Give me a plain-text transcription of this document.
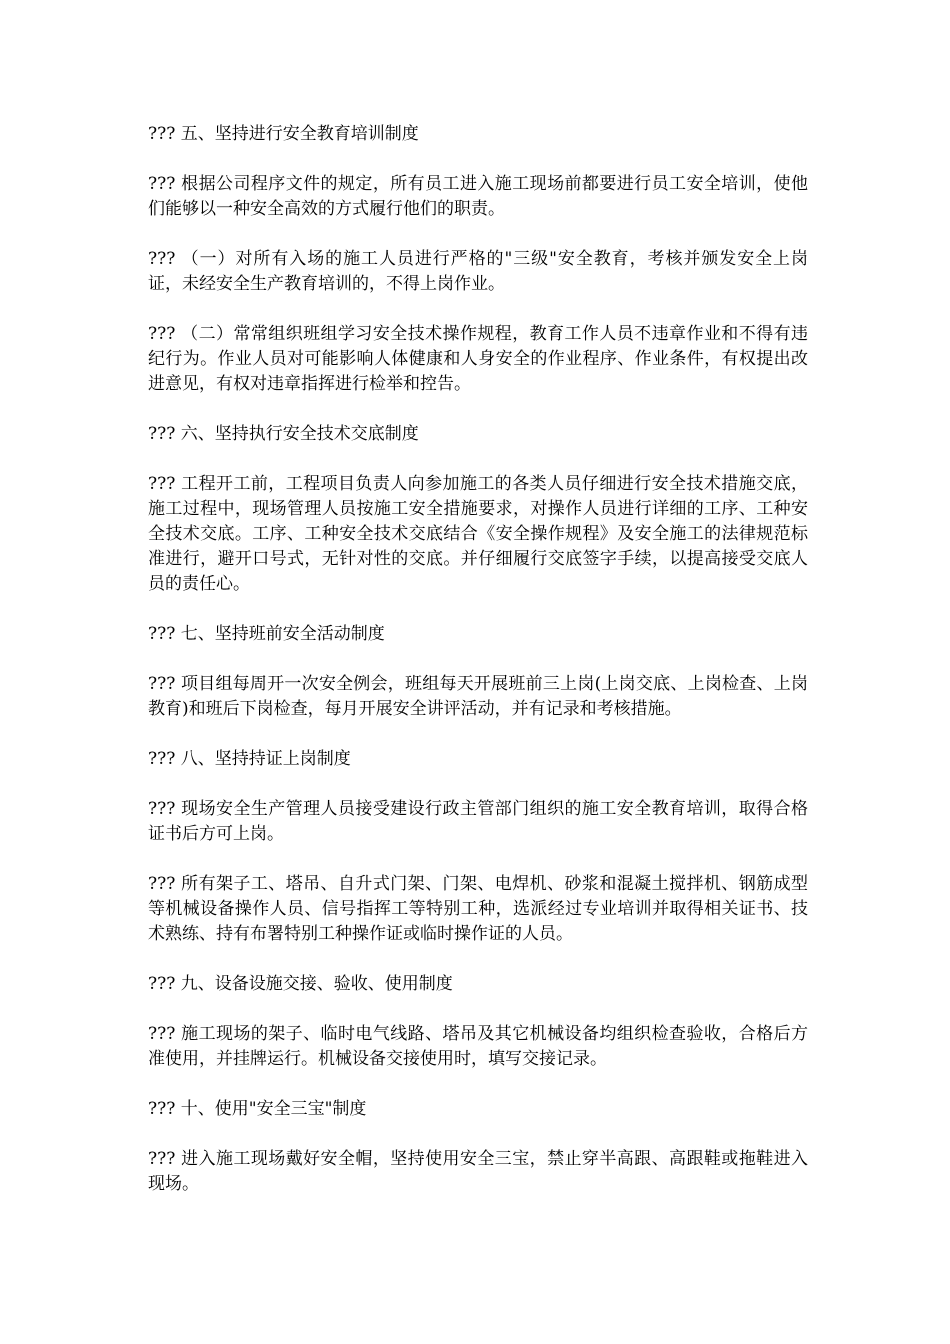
??? 五、坚持进行安全教育培训制度

??? 根据公司程序文件的规定，所有员工进入施工现场前都要进行员工安全培训，使他们能够以一种安全高效的方式履行他们的职责。

??? （一）对所有入场的施工人员进行严格的"三级"安全教育，考核并颁发安全上岗证，未经安全生产教育培训的，不得上岗作业。

??? （二）常常组织班组学习安全技术操作规程，教育工作人员不违章作业和不得有违纪行为。作业人员对可能影响人体健康和人身安全的作业程序、作业条件，有权提出改进意见，有权对违章指挥进行检举和控告。

??? 六、坚持执行安全技术交底制度

??? 工程开工前，工程项目负责人向参加施工的各类人员仔细进行安全技术措施交底，施工过程中，现场管理人员按施工安全措施要求，对操作人员进行详细的工序、工种安全技术交底。工序、工种安全技术交底结合《安全操作规程》及安全施工的法律规范标准进行，避开口号式，无针对性的交底。并仔细履行交底签字手续，以提高接受交底人员的责任心。

??? 七、坚持班前安全活动制度

??? 项目组每周开一次安全例会，班组每天开展班前三上岗(上岗交底、上岗检查、上岗教育)和班后下岗检查，每月开展安全讲评活动，并有记录和考核措施。

??? 八、坚持持证上岗制度

??? 现场安全生产管理人员接受建设行政主管部门组织的施工安全教育培训，取得合格证书后方可上岗。

??? 所有架子工、塔吊、自升式门架、门架、电焊机、砂浆和混凝土搅拌机、钢筋成型等机械设备操作人员、信号指挥工等特别工种，选派经过专业培训并取得相关证书、技术熟练、持有布署特别工种操作证或临时操作证的人员。

??? 九、设备设施交接、验收、使用制度

??? 施工现场的架子、临时电气线路、塔吊及其它机械设备均组织检查验收，合格后方准使用，并挂牌运行。机械设备交接使用时，填写交接记录。

??? 十、使用"安全三宝"制度

??? 进入施工现场戴好安全帽，坚持使用安全三宝，禁止穿半高跟、高跟鞋或拖鞋进入现场。
